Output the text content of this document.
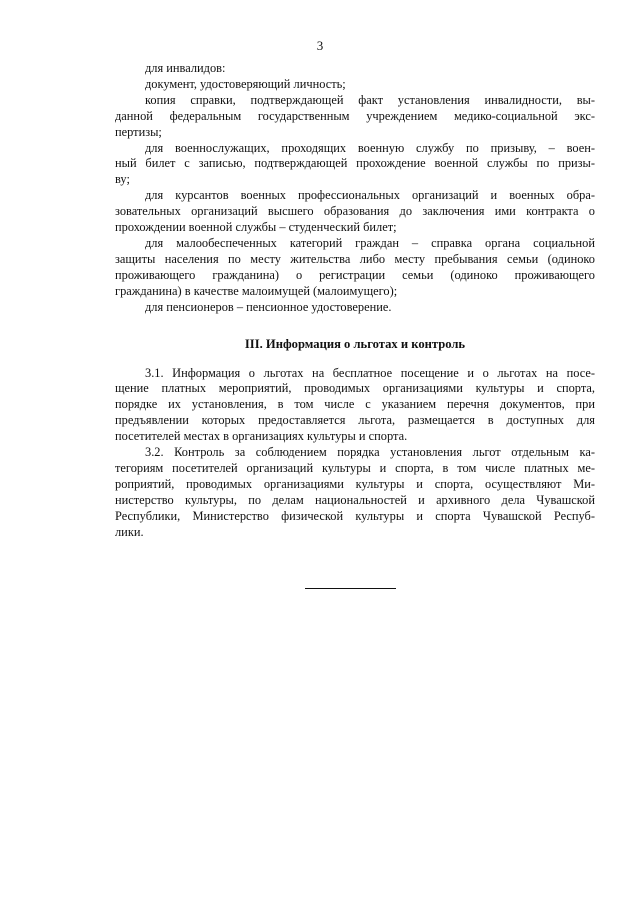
3
для инвалидов:
документ, удостоверяющий личность;
копия справки, подтверждающей факт установления инвалидности, вы-
данной федеральным государственным учреждением медико-социальной экс-
пертизы;
для военнослужащих, проходящих военную службу по призыву, – воен-
ный билет с записью, подтверждающей прохождение военной службы по призы-
ву;
для курсантов военных профессиональных организаций и военных обра-
зовательных организаций высшего образования до заключения ими контракта о
прохождении военной службы – студенческий билет;
для малообеспеченных категорий граждан – справка органа социальной
защиты населения по месту жительства либо месту пребывания семьи (одиноко
проживающего гражданина) о регистрации семьи (одиноко проживающего
гражданина) в качестве малоимущей (малоимущего);
для пенсионеров – пенсионное удостоверение.
III. Информация о льготах и контроль
3.1. Информация о льготах на бесплатное посещение и о льготах на посе-
щение платных мероприятий, проводимых организациями культуры и спорта,
порядке их установления, в том числе с указанием перечня документов, при
предъявлении которых предоставляется льгота, размещается в доступных для
посетителей местах в организациях культуры и спорта.
3.2. Контроль за соблюдением порядка установления льгот отдельным ка-
тегориям посетителей организаций культуры и спорта, в том числе платных ме-
роприятий, проводимых организациями культуры и спорта, осуществляют Ми-
нистерство культуры, по делам национальностей и архивного дела Чувашской
Республики, Министерство физической культуры и спорта Чувашской Респуб-
лики.
